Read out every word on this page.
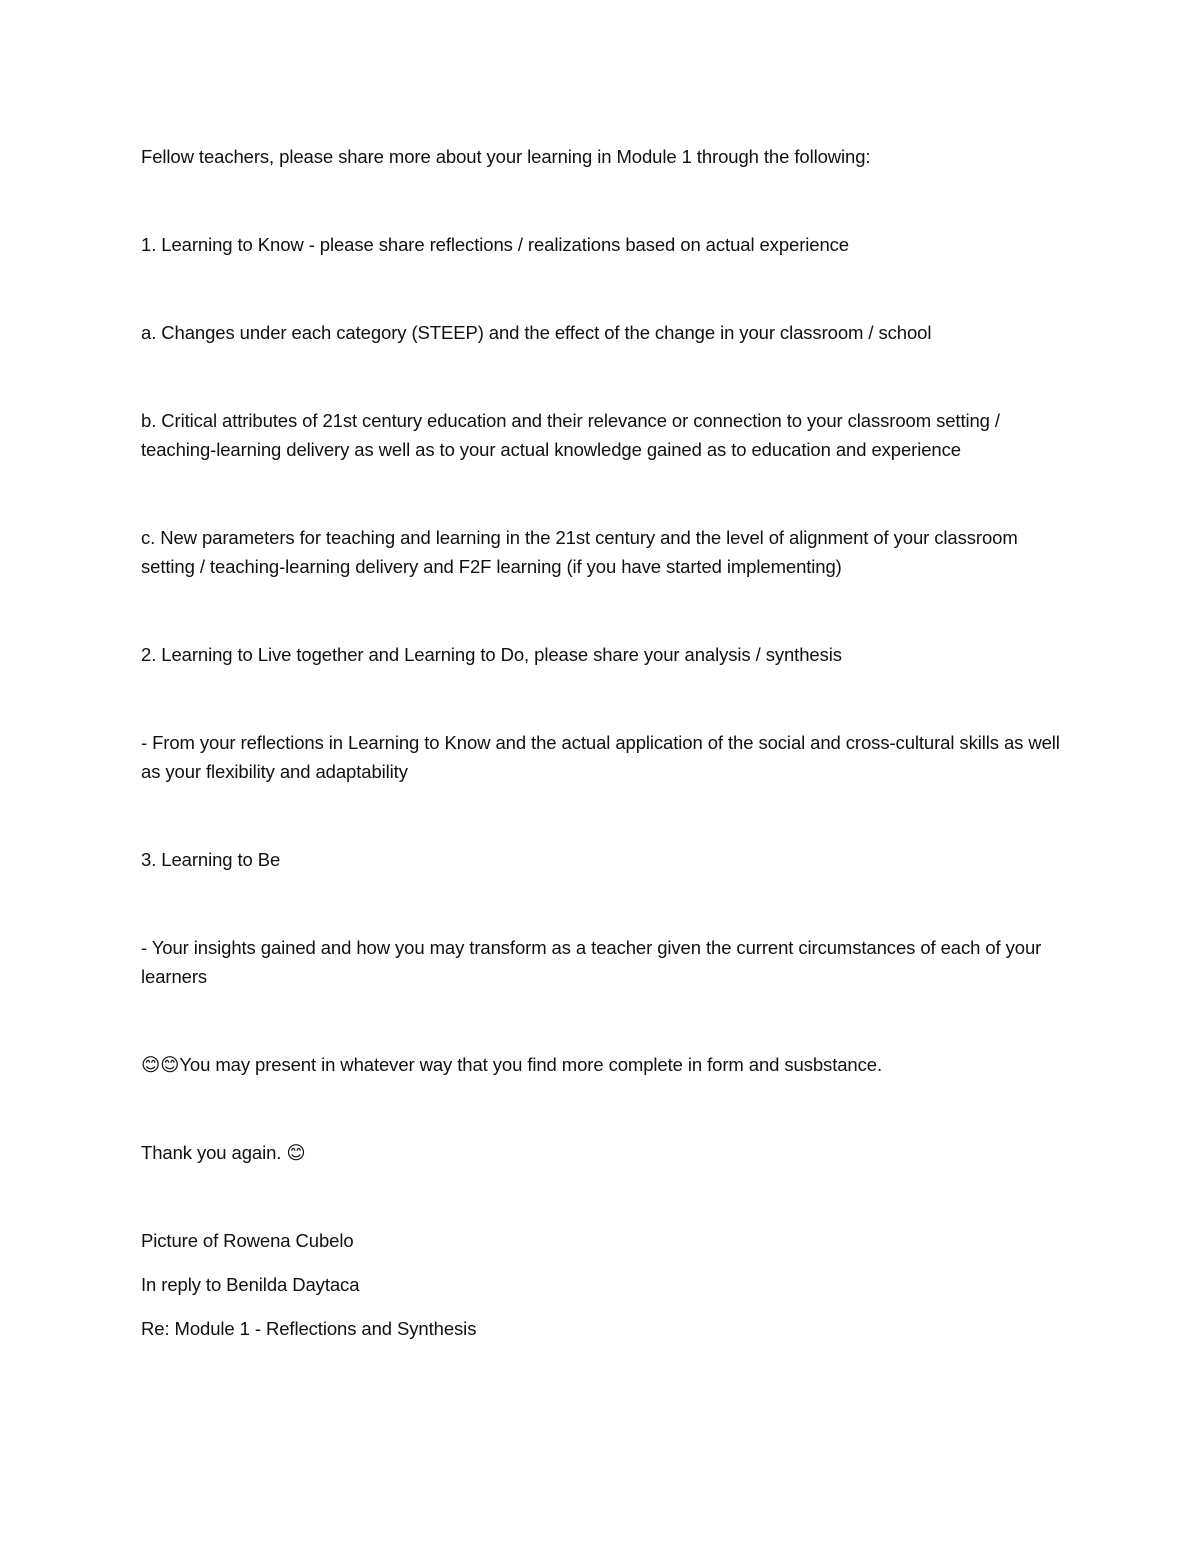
Fellow teachers, please share more about your learning in Module 1 through the following:

1. Learning to Know - please share reflections / realizations based on actual experience

a. Changes under each category (STEEP) and the effect of the change in your classroom / school

b. Critical attributes of 21st century education and their relevance or connection to your classroom setting / teaching-learning delivery as well as to your actual knowledge gained as to education and experience

c. New parameters for teaching and learning in the 21st century and the level of alignment of your classroom setting / teaching-learning delivery and F2F learning (if you have started implementing)

2. Learning to Live together and Learning to Do, please share your analysis / synthesis

- From your reflections in Learning to Know and the actual application of the social and cross-cultural skills as well as your flexibility and adaptability

3. Learning to Be

- Your insights gained and how you may transform as a teacher given the current circumstances of each of your learners

😊😊You may present in whatever way that you find more complete in form and susbstance.

Thank you again. 😊

Picture of Rowena Cubelo

In reply to Benilda Daytaca

Re: Module 1 - Reflections and Synthesis
